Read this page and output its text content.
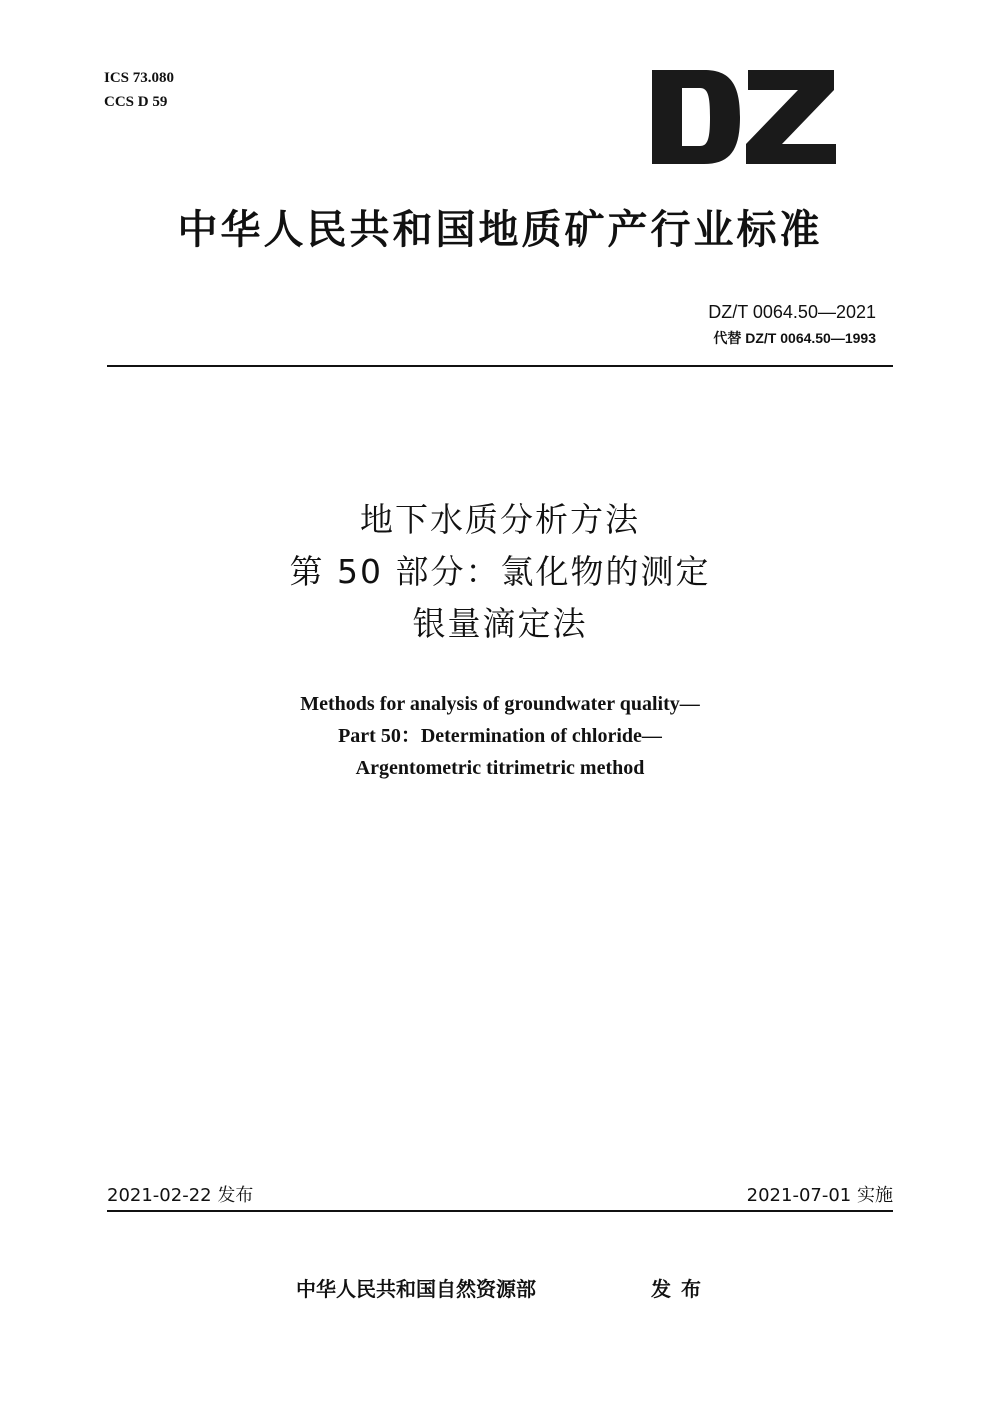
ICS 73.080
CCS D 59
中华人民共和国地质矿产行业标准
DZ/T 0064.50—2021
代替 DZ/T 0064.50—1993
地下水质分析方法
第 50 部分：氯化物的测定
银量滴定法
Methods for analysis of groundwater quality—
Part 50：Determination of chloride—
Argentometric titrimetric method
2021-02-22 发布	2021-07-01 实施
中华人民共和国自然资源部	发布
